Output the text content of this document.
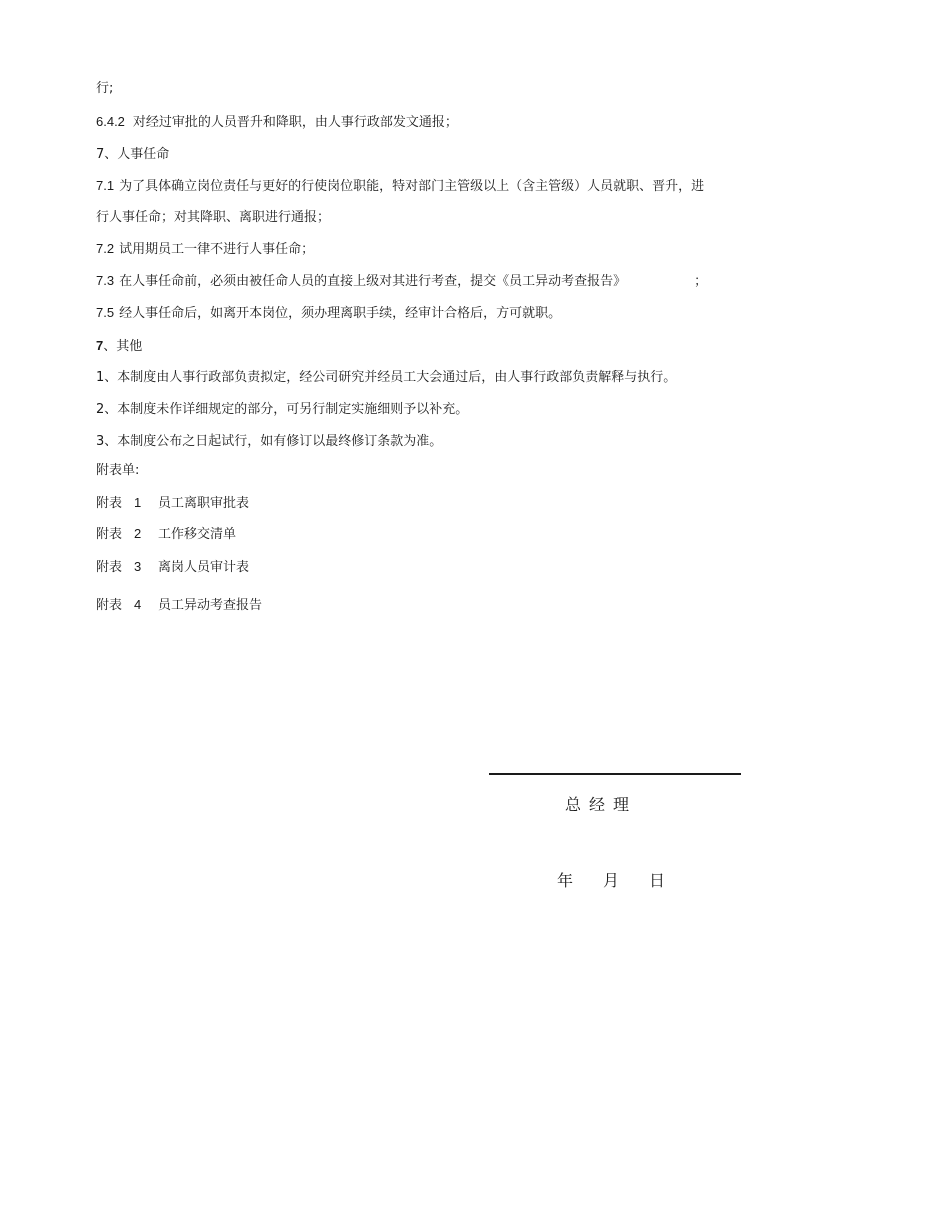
行;
6.4.2 对经过审批的人员晋升和降职，由人事行政部发文通报；
7、人事任命
7.1 为了具体确立岗位责任与更好的行使岗位职能，特对部门主管级以上（含主管级）人员就职、晋升，进
行人事任命；对其降职、离职进行通报；
7.2 试用期员工一律不进行人事任命；
7.3 在人事任命前，必须由被任命人员的直接上级对其进行考查，提交《员工异动考查报告》	；
7.5 经人事任命后，如离开本岗位，须办理离职手续，经审计合格后，方可就职。
7、其他
1、本制度由人事行政部负责拟定，经公司研究并经员工大会通过后，由人事行政部负责解释与执行。
2、本制度未作详细规定的部分，可另行制定实施细则予以补充。
3、本制度公布之日起试行，如有修订以最终修订条款为准。
附表单:
附表 1 员工离职审批表
附表 2 工作移交清单
附表 3 离岗人员审计表
附表 4 员工异动考查报告
总经理
年 月 日
